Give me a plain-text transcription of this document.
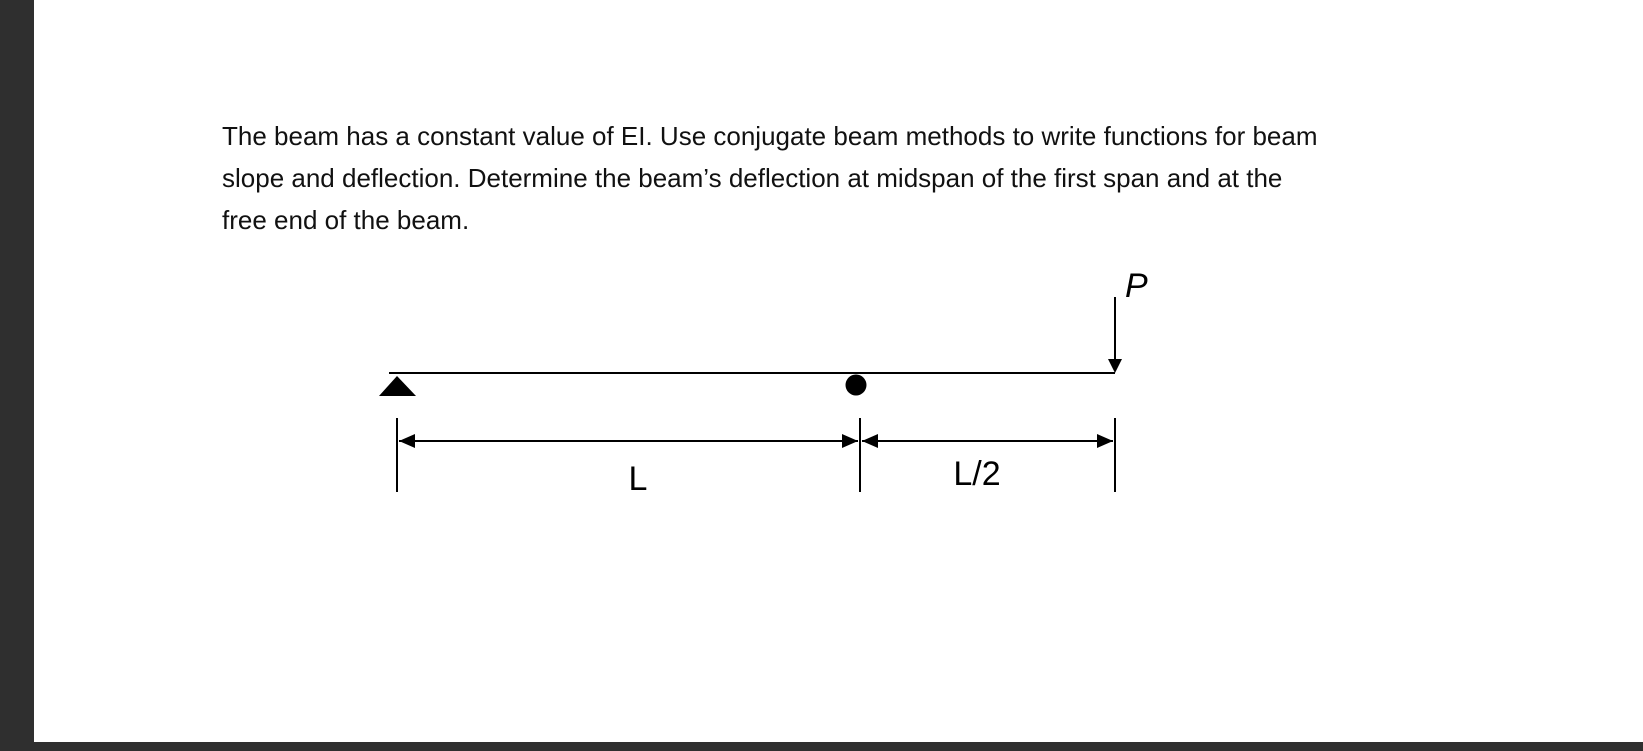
The beam has a constant value of EI. Use conjugate beam methods to write functions for beam
slope and deflection. Determine the beam’s deflection at midspan of the first span and at the
free end of the beam.

P
L	L/2
